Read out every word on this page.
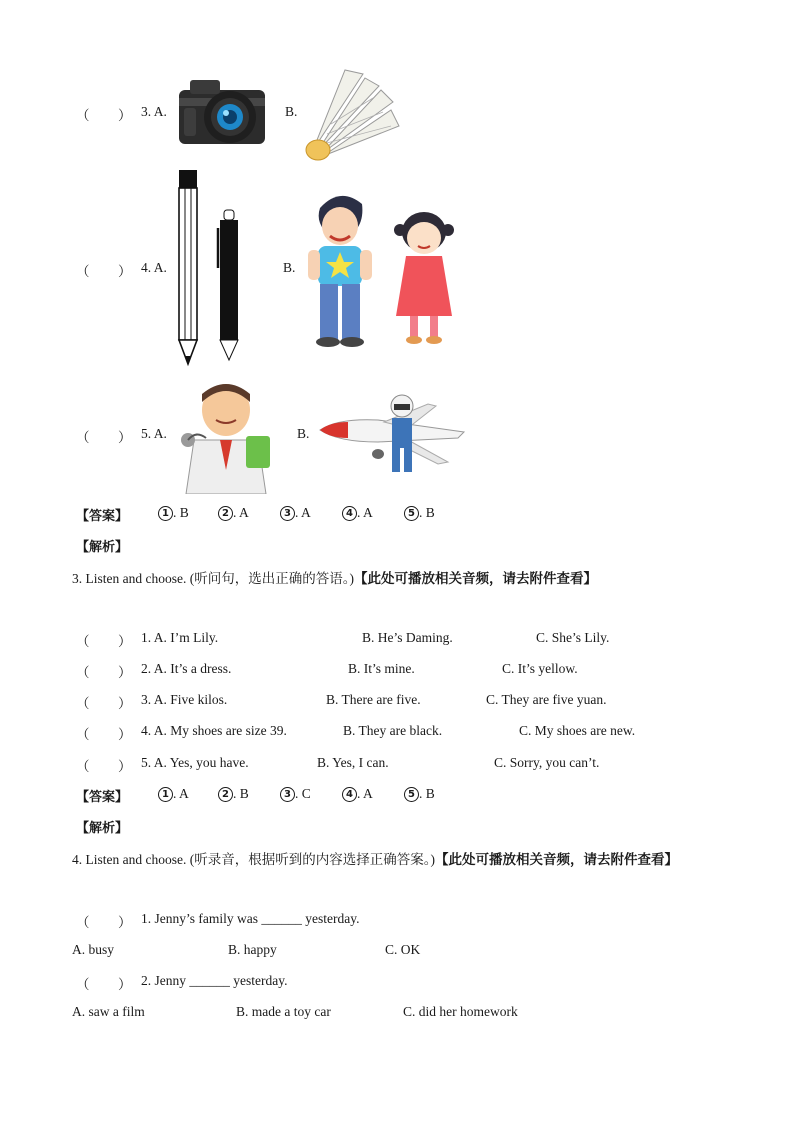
（ ） 3. A.	B.
（ ） 4. A.	B.
（ ） 5. A.	B.
【答案】	1 . B	2 . A	3 . A	4 . A	5 . B
【解析】
3. Listen and choose. (听问句，选出正确的答语。)【此处可播放相关音频，请去附件查看】
（ ） 1. A. I’m Lily.	B. He’s Daming.	C. She’s Lily.
（ ） 2. A. It’s a dress.	B. It’s mine.	C. It’s yellow.
（ ） 3. A. Five kilos.	B. There are five.	C. They are five yuan.
（ ） 4. A. My shoes are size 39.	B. They are black.	C. My shoes are new.
（ ） 5. A. Yes, you have.	B. Yes, I can.	C. Sorry, you can’t.
【答案】	1 . A	2 . B	3 . C	4 . A	5 . B
【解析】
4. Listen and choose. (听录音，根据听到的内容选择正确答案。)【此处可播放相关音频，请去附件查看】
（ ） 1. Jenny’s family was ______ yesterday.
A. busy	B. happy	C. OK
（ ） 2. Jenny ______ yesterday.
A. saw a film	B. made a toy car	C. did her homework
